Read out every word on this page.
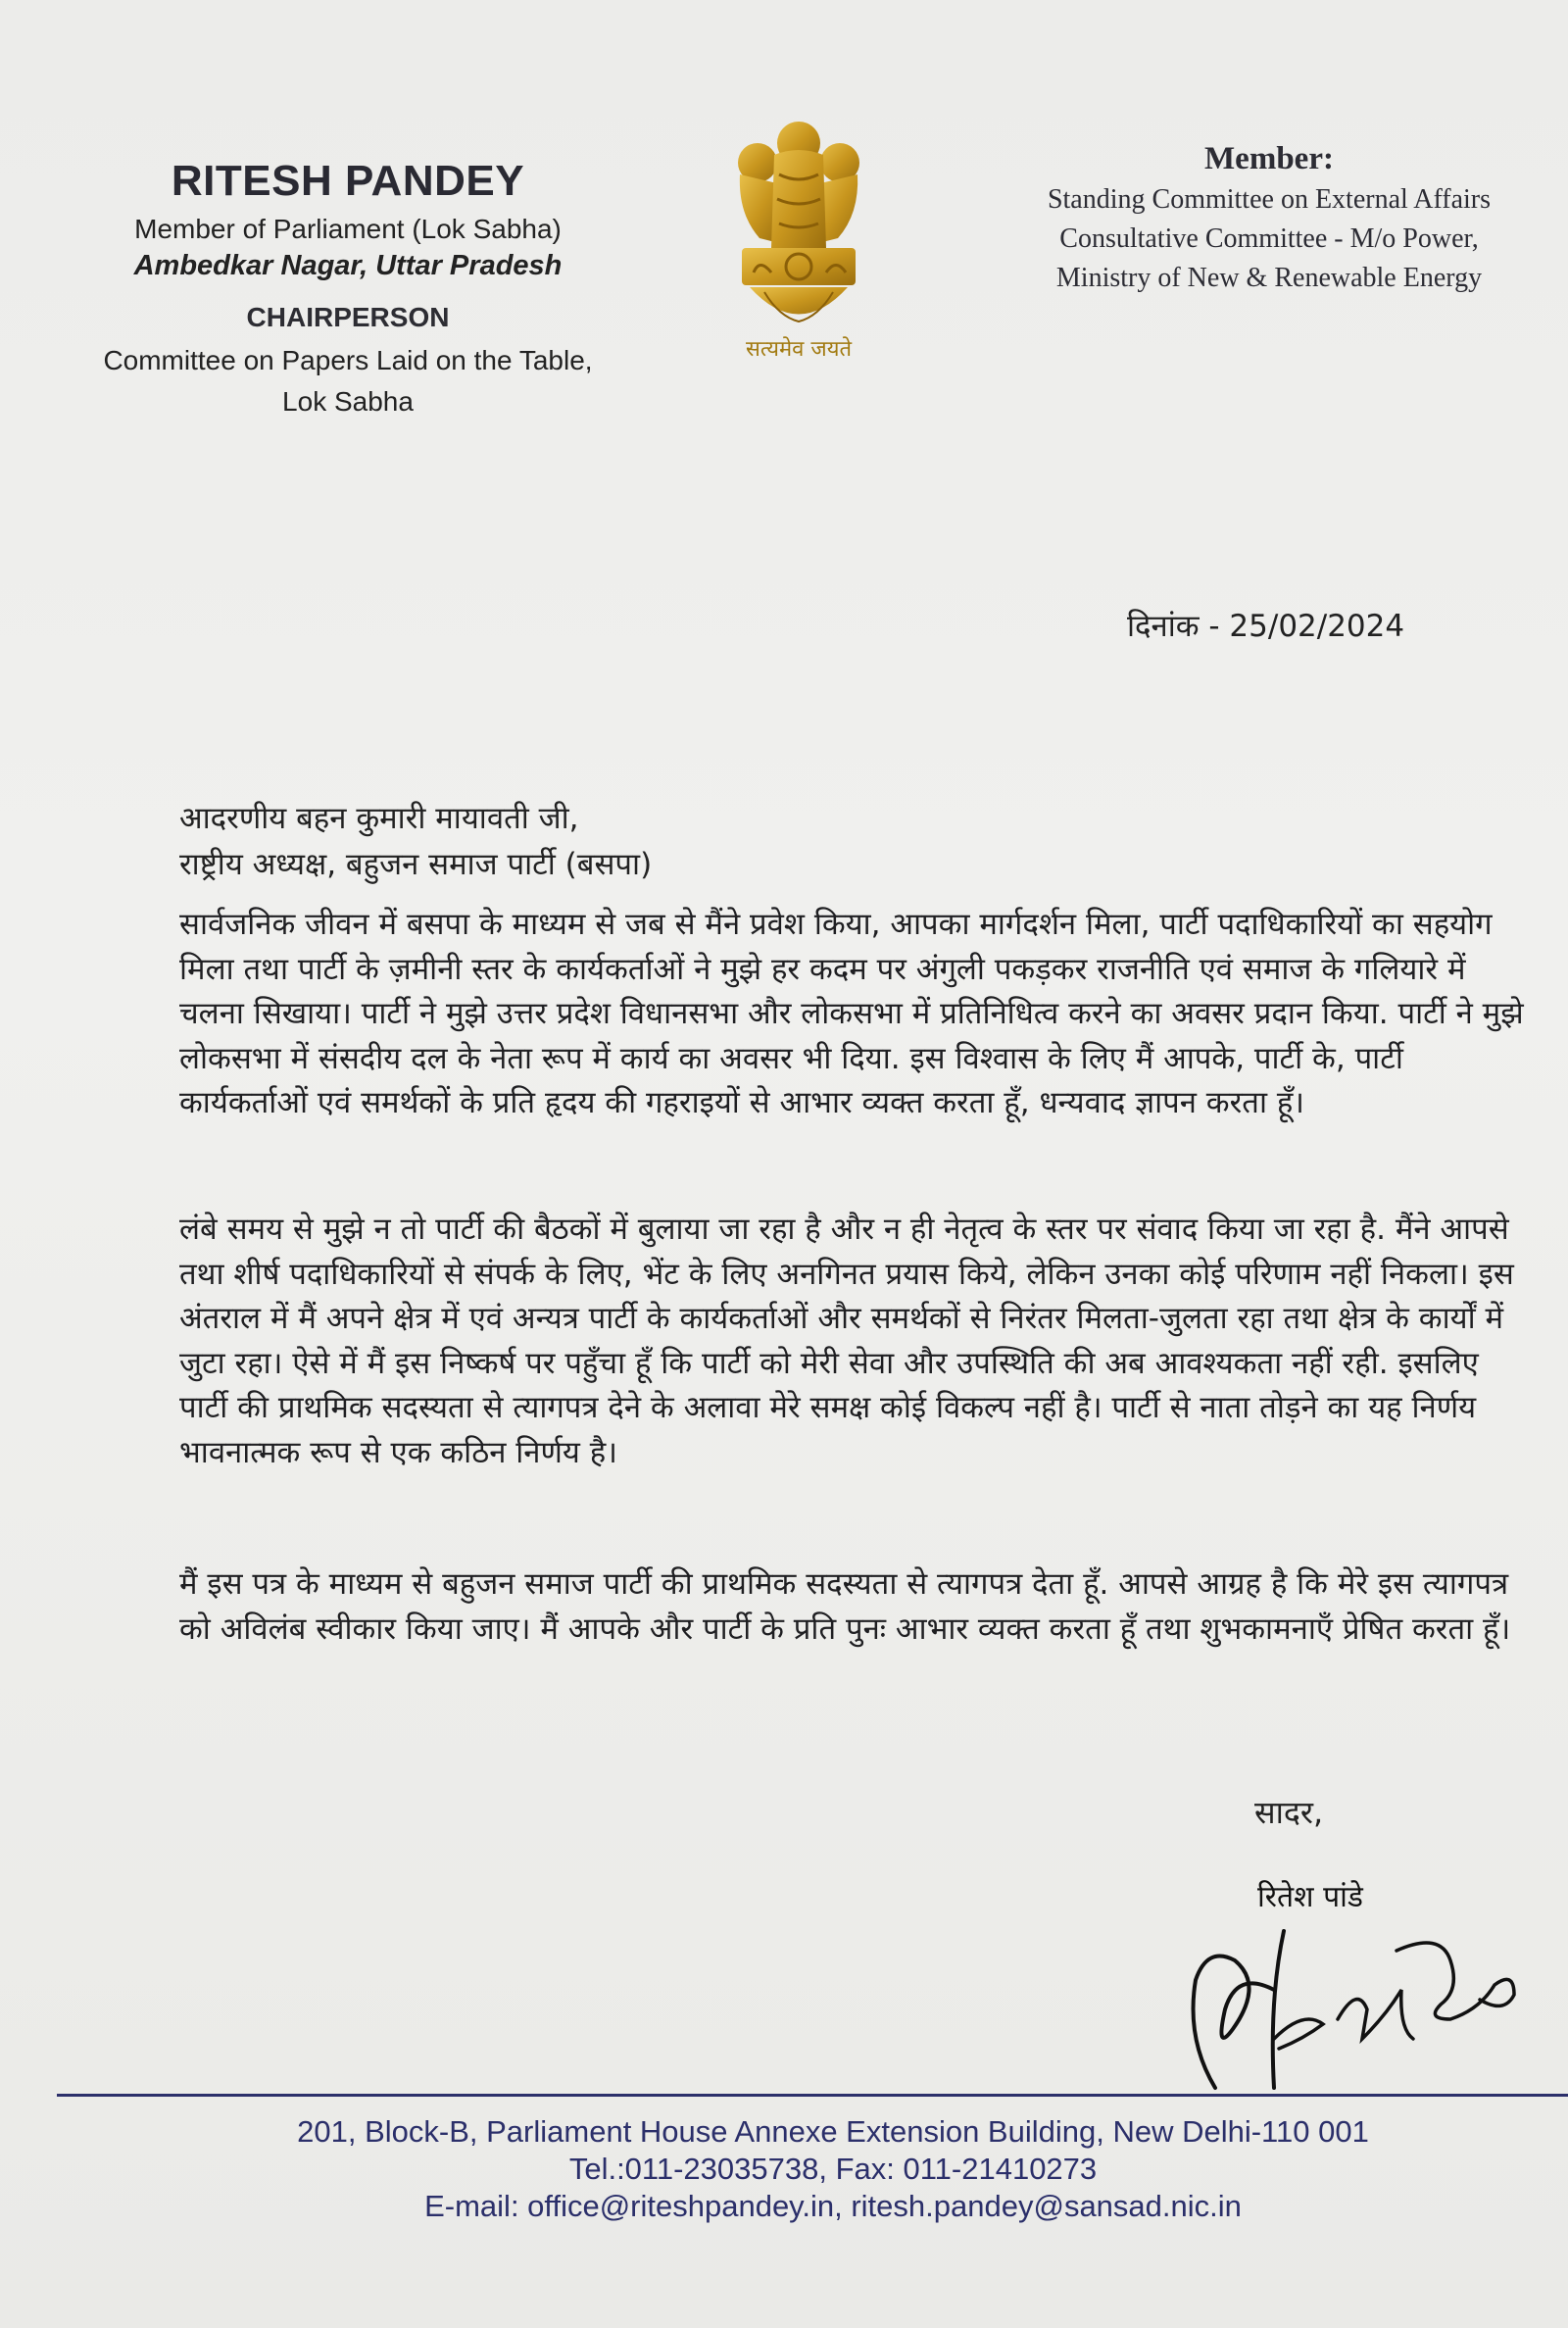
RITESH PANDEY
Member of Parliament (Lok Sabha)
Ambedkar Nagar, Uttar Pradesh
CHAIRPERSON
Committee on Papers Laid on the Table,
Lok Sabha
सत्यमेव जयते
Member:
Standing Committee on External Affairs
Consultative Committee - M/o Power,
Ministry of New & Renewable Energy
दिनांक - 25/02/2024
आदरणीय बहन कुमारी मायावती जी,
राष्ट्रीय अध्यक्ष, बहुजन समाज पार्टी (बसपा)

सार्वजनिक जीवन में बसपा के माध्यम से जब से मैंने प्रवेश किया, आपका मार्गदर्शन मिला, पार्टी पदाधिकारियों का सहयोग मिला तथा पार्टी के ज़मीनी स्तर के कार्यकर्ताओं ने मुझे हर कदम पर अंगुली पकड़कर राजनीति एवं समाज के गलियारे में चलना सिखाया। पार्टी ने मुझे उत्तर प्रदेश विधानसभा और लोकसभा में प्रतिनिधित्व करने का अवसर प्रदान किया. पार्टी ने मुझे लोकसभा में संसदीय दल के नेता रूप में कार्य का अवसर भी दिया. इस विश्वास के लिए मैं आपके, पार्टी के, पार्टी कार्यकर्ताओं एवं समर्थकों के प्रति हृदय की गहराइयों से आभार व्यक्त करता हूँ, धन्यवाद ज्ञापन करता हूँ।

लंबे समय से मुझे न तो पार्टी की बैठकों में बुलाया जा रहा है और न ही नेतृत्व के स्तर पर संवाद किया जा रहा है. मैंने आपसे तथा शीर्ष पदाधिकारियों से संपर्क के लिए, भेंट के लिए अनगिनत प्रयास किये, लेकिन उनका कोई परिणाम नहीं निकला। इस अंतराल में मैं अपने क्षेत्र में एवं अन्यत्र पार्टी के कार्यकर्ताओं और समर्थकों से निरंतर मिलता-जुलता रहा तथा क्षेत्र के कार्यों में जुटा रहा। ऐसे में मैं इस निष्कर्ष पर पहुँचा हूँ कि पार्टी को मेरी सेवा और उपस्थिति की अब आवश्यकता नहीं रही. इसलिए पार्टी की प्राथमिक सदस्यता से त्यागपत्र देने के अलावा मेरे समक्ष कोई विकल्प नहीं है। पार्टी से नाता तोड़ने का यह निर्णय भावनात्मक रूप से एक कठिन निर्णय है।

मैं इस पत्र के माध्यम से बहुजन समाज पार्टी की प्राथमिक सदस्यता से त्यागपत्र देता हूँ. आपसे आग्रह है कि मेरे इस त्यागपत्र को अविलंब स्वीकार किया जाए। मैं आपके और पार्टी के प्रति पुनः आभार व्यक्त करता हूँ तथा शुभकामनाएँ प्रेषित करता हूँ।

सादर,
रितेश पांडे
201, Block-B, Parliament House Annexe Extension Building, New Delhi-110 001
Tel.:011-23035738, Fax: 011-21410273
E-mail: office@riteshpandey.in, ritesh.pandey@sansad.nic.in
